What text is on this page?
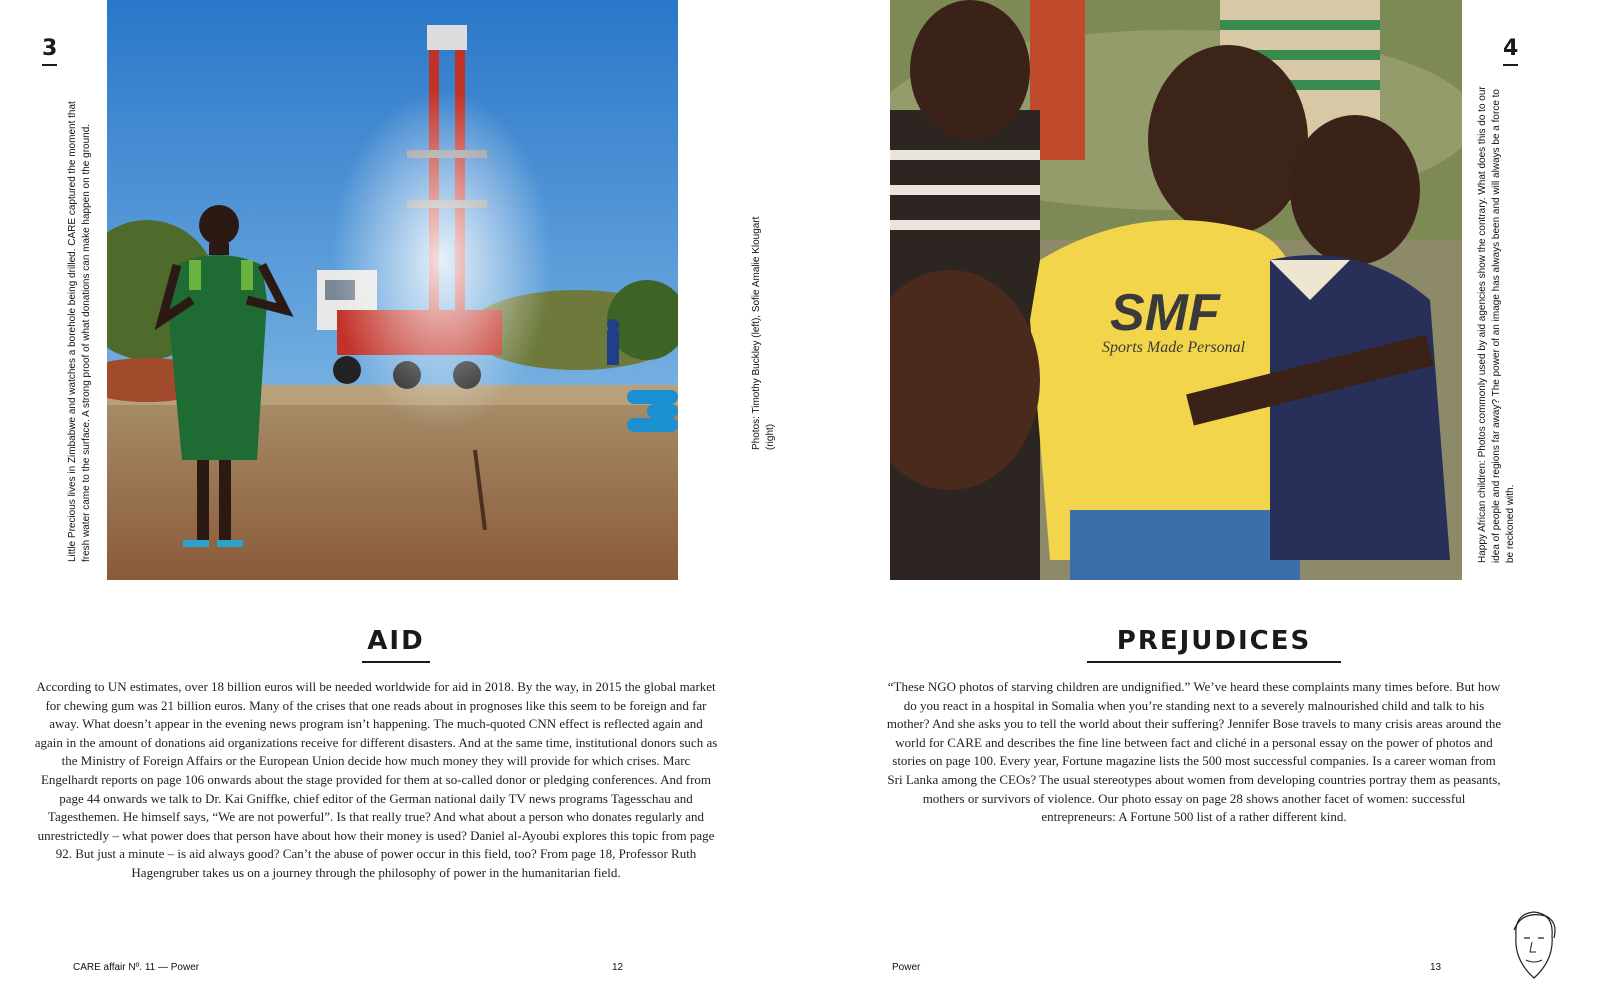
3
Little Precious lives in Zimbabwe and watches a borehole being drilled. CARE captured the moment that fresh water came to the surface. A strong proof of what donations can make happen on the ground.
AID

According to UN estimates, over 18 billion euros will be needed worldwide for aid in 2018. By the way, in 2015 the global market for chewing gum was 21 billion euros. Many of the crises that one reads about in prognoses like this seem to be foreign and far away. What doesn’t appear in the evening news program isn’t happening. The much-quoted CNN effect is reflected again and again in the amount of donations aid organizations receive for different disasters. And at the same time, institutional donors such as the Ministry of Foreign Affairs or the European Union decide how much money they will provide for which crises. Marc Engelhardt reports on page 106 onwards about the stage provided for them at so-called donor or pledging conferences. And from page 44 onwards we talk to Dr. Kai Gniffke, chief editor of the German national daily TV news programs Tagesschau and Tagesthemen. He himself says, “We are not powerful”. Is that really true? And what about a person who donates regularly and unrestrictedly – what power does that person have about how their money is used? Daniel al-Ayoubi explores this topic from page 92. But just a minute – is aid always good? Can’t the abuse of power occur in this field, too? From page 18, Professor Ruth Hagengruber takes us on a journey through the philosophy of power in the humanitarian field.

CARE affair Nº. 11 — Power	12
Photos: Timothy Buckley (left), Sofie Amalie Klougart (right)
SMF
Sports Made Personal	Happy African children: Photos commonly used by aid agencies show the contrary. What does this do to our idea of people and regions far away? The power of an image has always been and will always be a force to be reckoned with.
4
PREJUDICES

“These NGO photos of starving children are undignified.” We’ve heard these complaints many times before. But how do you react in a hospital in Somalia when you’re standing next to a severely malnourished child and talk to his mother? And she asks you to tell the world about their suffering? Jennifer Bose travels to many crisis areas around the world for CARE and describes the fine line between fact and cliché in a personal essay on the power of photos and stories on page 100. Every year, Fortune magazine lists the 500 most successful companies. Is a career woman from Sri Lanka among the CEOs? The usual stereotypes about women from developing countries portray them as peasants, mothers or survivors of violence. Our photo essay on page 28 shows another facet of women: successful entrepreneurs: A Fortune 500 list of a rather different kind.

Power	13
